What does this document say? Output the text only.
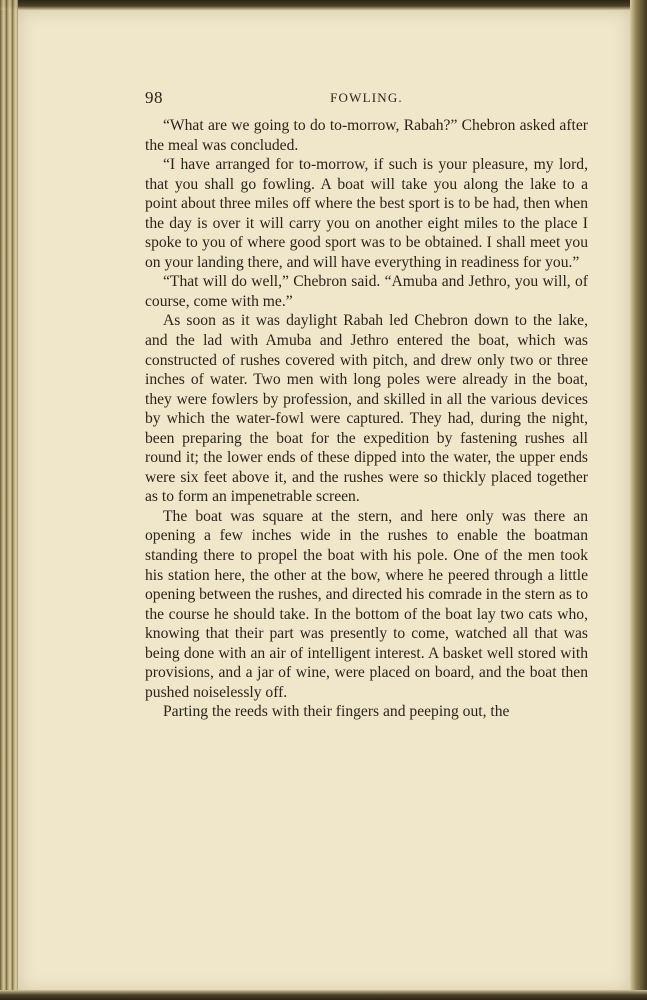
98	FOWLING.

“What are we going to do to-morrow, Rabah?” Chebron asked after the meal was concluded.

“I have arranged for to-morrow, if such is your pleasure, my lord, that you shall go fowling. A boat will take you along the lake to a point about three miles off where the best sport is to be had, then when the day is over it will carry you on another eight miles to the place I spoke to you of where good sport was to be obtained. I shall meet you on your landing there, and will have everything in readiness for you.”

“That will do well,” Chebron said. “Amuba and Jethro, you will, of course, come with me.”

As soon as it was daylight Rabah led Chebron down to the lake, and the lad with Amuba and Jethro entered the boat, which was constructed of rushes covered with pitch, and drew only two or three inches of water. Two men with long poles were already in the boat, they were fowlers by profession, and skilled in all the various devices by which the water-fowl were captured. They had, during the night, been preparing the boat for the expedition by fastening rushes all round it; the lower ends of these dipped into the water, the upper ends were six feet above it, and the rushes were so thickly placed together as to form an impenetrable screen.

The boat was square at the stern, and here only was there an opening a few inches wide in the rushes to enable the boatman standing there to propel the boat with his pole. One of the men took his station here, the other at the bow, where he peered through a little opening between the rushes, and directed his comrade in the stern as to the course he should take. In the bottom of the boat lay two cats who, knowing that their part was presently to come, watched all that was being done with an air of intelligent interest. A basket well stored with provisions, and a jar of wine, were placed on board, and the boat then pushed noiselessly off.

Parting the reeds with their fingers and peeping out, the
